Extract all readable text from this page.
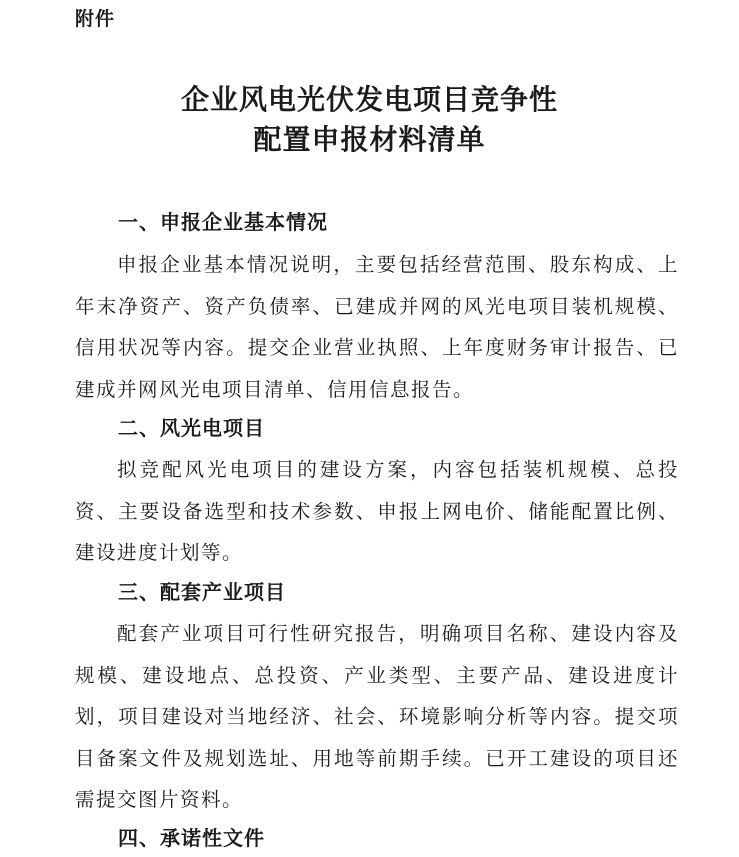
附件
企业风电光伏发电项目竞争性
配置申报材料清单
一、申报企业基本情况

申报企业基本情况说明，主要包括经营范围、股东构成、上年末净资产、资产负债率、已建成并网的风光电项目装机规模、信用状况等内容。提交企业营业执照、上年度财务审计报告、已建成并网风光电项目清单、信用信息报告。

二、风光电项目

拟竞配风光电项目的建设方案，内容包括装机规模、总投资、主要设备选型和技术参数、申报上网电价、储能配置比例、建设进度计划等。

三、配套产业项目

配套产业项目可行性研究报告，明确项目名称、建设内容及规模、建设地点、总投资、产业类型、主要产品、建设进度计划，项目建设对当地经济、社会、环境影响分析等内容。提交项目备案文件及规划选址、用地等前期手续。已开工建设的项目还需提交图片资料。

四、承诺性文件
